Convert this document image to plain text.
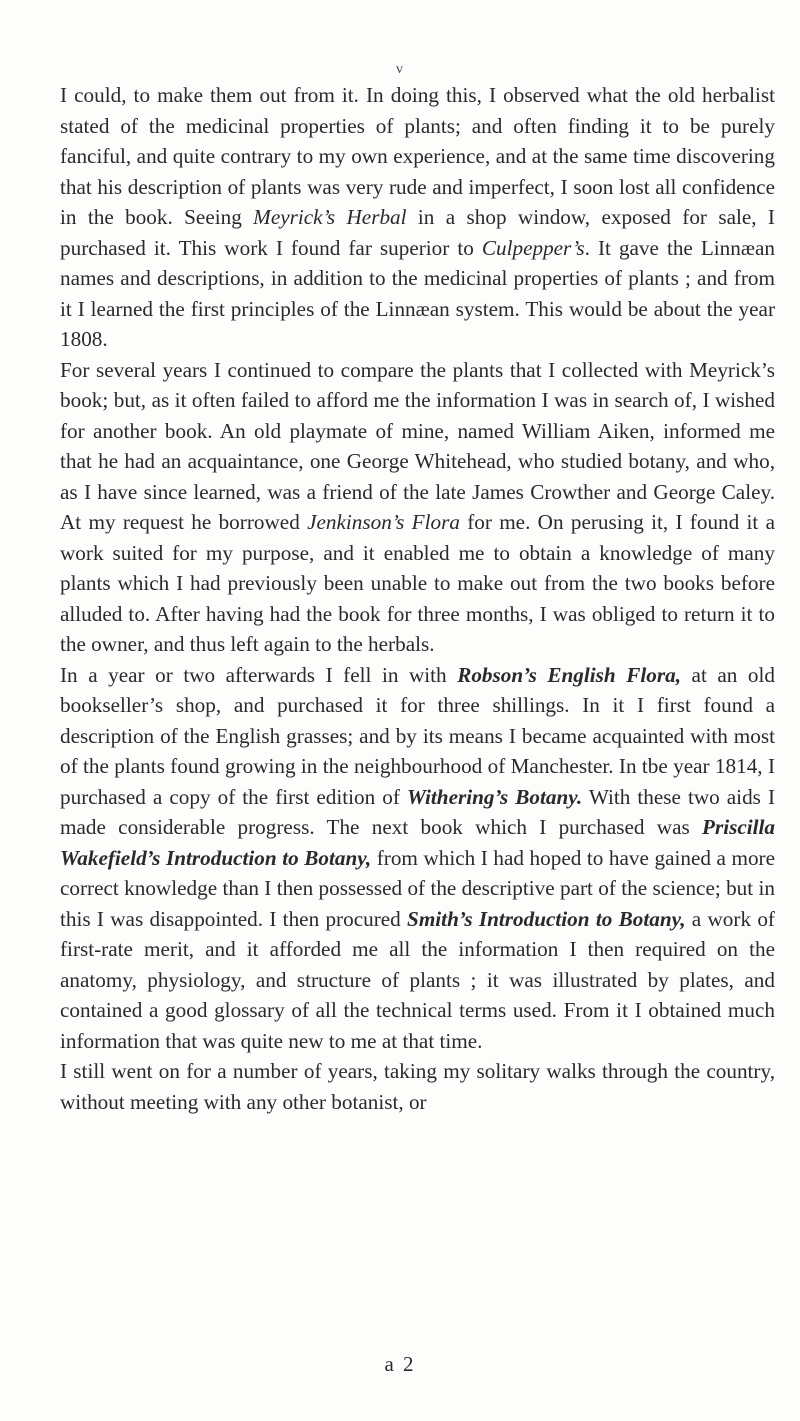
v

I could, to make them out from it. In doing this, I observed what the old herbalist stated of the medicinal properties of plants; and often finding it to be purely fanciful, and quite contrary to my own experience, and at the same time discovering that his description of plants was very rude and imperfect, I soon lost all confidence in the book. Seeing Meyrick’s Herbal in a shop window, exposed for sale, I purchased it. This work I found far superior to Culpepper’s. It gave the Linnæan names and descriptions, in addition to the medicinal properties of plants ; and from it I learned the first principles of the Linnæan system. This would be about the year 1808.

For several years I continued to compare the plants that I collected with Meyrick’s book; but, as it often failed to afford me the information I was in search of, I wished for another book. An old playmate of mine, named William Aiken, informed me that he had an acquaintance, one George Whitehead, who studied botany, and who, as I have since learned, was a friend of the late James Crowther and George Caley. At my request he borrowed Jenkinson’s Flora for me. On perusing it, I found it a work suited for my purpose, and it enabled me to obtain a knowledge of many plants which I had previously been unable to make out from the two books before alluded to. After having had the book for three months, I was obliged to return it to the owner, and thus left again to the herbals.

In a year or two afterwards I fell in with Robson’s English Flora, at an old bookseller’s shop, and purchased it for three shillings. In it I first found a description of the English grasses; and by its means I became acquainted with most of the plants found growing in the neighbourhood of Manchester. In tbe year 1814, I purchased a copy of the first edition of Withering’s Botany. With these two aids I made considerable progress. The next book which I purchased was Priscilla Wakefield’s Introduction to Botany, from which I had hoped to have gained a more correct knowledge than I then possessed of the descriptive part of the science; but in this I was disappointed. I then procured Smith’s Introduction to Botany, a work of first-rate merit, and it afforded me all the information I then required on the anatomy, physiology, and structure of plants ; it was illustrated by plates, and contained a good glossary of all the technical terms used. From it I obtained much information that was quite new to me at that time.

I still went on for a number of years, taking my solitary walks through the country, without meeting with any other botanist, or

a 2
